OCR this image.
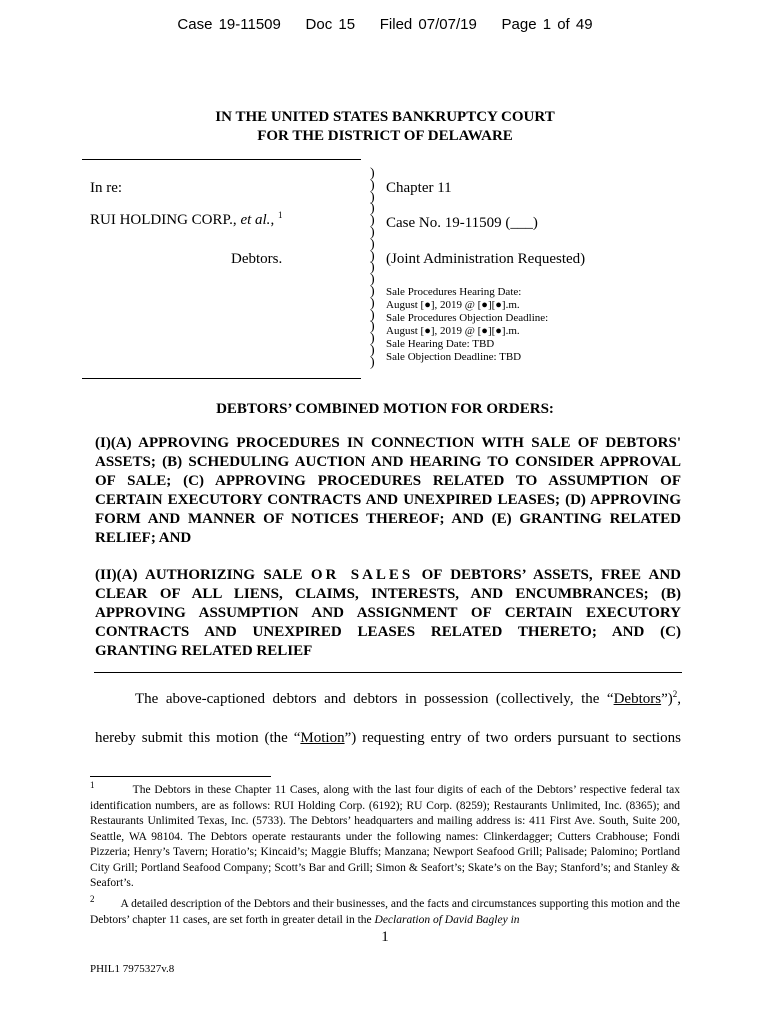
Case 19-11509 Doc 15 Filed 07/07/19 Page 1 of 49
IN THE UNITED STATES BANKRUPTCY COURT
FOR THE DISTRICT OF DELAWARE
In re:
RUI HOLDING CORP., et al., $^1$
Debtors.
)
)
)
)
)
)
)
)
)
)
)
)
)
)
)
)
)
Chapter 11
Case No. 19-11509 (___)
(Joint Administration Requested)
Sale Procedures Hearing Date:
August [●], 2019 @ [●][●].m.
Sale Procedures Objection Deadline:
August [●], 2019 @ [●][●].m.
Sale Hearing Date: TBD
Sale Objection Deadline: TBD
DEBTORS’ COMBINED MOTION FOR ORDERS:
(I)(A) APPROVING PROCEDURES IN CONNECTION WITH SALE OF DEBTORS' ASSETS; (B) SCHEDULING AUCTION AND HEARING TO CONSIDER APPROVAL OF SALE; (C) APPROVING PROCEDURES RELATED TO ASSUMPTION OF CERTAIN EXECUTORY CONTRACTS AND UNEXPIRED LEASES; (D) APPROVING FORM AND MANNER OF NOTICES THEREOF; AND (E) GRANTING RELATED RELIEF; AND
(II)(A) AUTHORIZING SALE OR SALES OF DEBTORS’ ASSETS, FREE AND CLEAR OF ALL LIENS, CLAIMS, INTERESTS, AND ENCUMBRANCES; (B) APPROVING ASSUMPTION AND ASSIGNMENT OF CERTAIN EXECUTORY CONTRACTS AND UNEXPIRED LEASES RELATED THERETO; AND (C) GRANTING RELATED RELIEF
The above-captioned debtors and debtors in possession (collectively, the “Debtors”)$^2$,
hereby submit this motion (the “Motion”) requesting entry of two orders pursuant to sections
$^1$	The Debtors in these Chapter 11 Cases, along with the last four digits of each of the Debtors’ respective federal tax identification numbers, are as follows: RUI Holding Corp. (6192); RU Corp. (8259); Restaurants Unlimited, Inc. (8365); and Restaurants Unlimited Texas, Inc. (5733). The Debtors’ headquarters and mailing address is: 411 First Ave. South, Suite 200, Seattle, WA 98104. The Debtors operate restaurants under the following names: Clinkerdagger; Cutters Crabhouse; Fondi Pizzeria; Henry’s Tavern; Horatio’s; Kincaid’s; Maggie Bluffs; Manzana; Newport Seafood Grill; Palisade; Palomino; Portland City Grill; Portland Seafood Company; Scott’s Bar and Grill; Simon & Seafort’s; Skate’s on the Bay; Stanford’s; and Stanley & Seafort’s.
$^2$ A detailed description of the Debtors and their businesses, and the facts and circumstances supporting this motion and the Debtors’ chapter 11 cases, are set forth in greater detail in the Declaration of David Bagley in
1
PHIL1 7975327v.8
